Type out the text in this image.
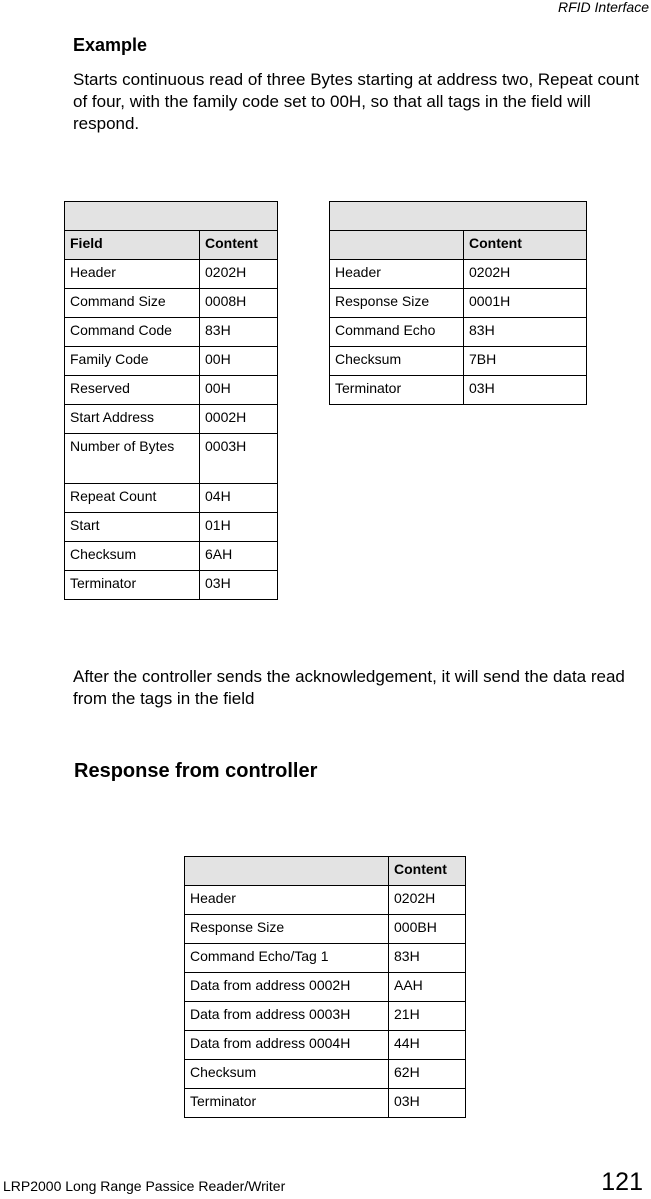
RFID Interface
Example
Starts continuous read of three Bytes starting at address two, Repeat count of four, with the family code set to 00H, so that all tags in the field will respond.

Field	Content
Header	0202H
Command Size	0008H
Command Code	83H
Family Code	00H
Reserved	00H
Start Address	0002H
Number of Bytes	0003H
Repeat Count	04H
Start	01H
Checksum	6AH
Terminator	03H

	Content
Header	0202H
Response Size	0001H
Command Echo	83H
Checksum	7BH
Terminator	03H
After the controller sends the acknowledgement, it will send the data read from the tags in the field
Response from controller
	Content
Header	0202H
Response Size	000BH
Command Echo/Tag 1	83H
Data from address 0002H	AAH
Data from address 0003H	21H
Data from address 0004H	44H
Checksum	62H
Terminator	03H
LRP2000 Long Range Passice Reader/Writer	121
